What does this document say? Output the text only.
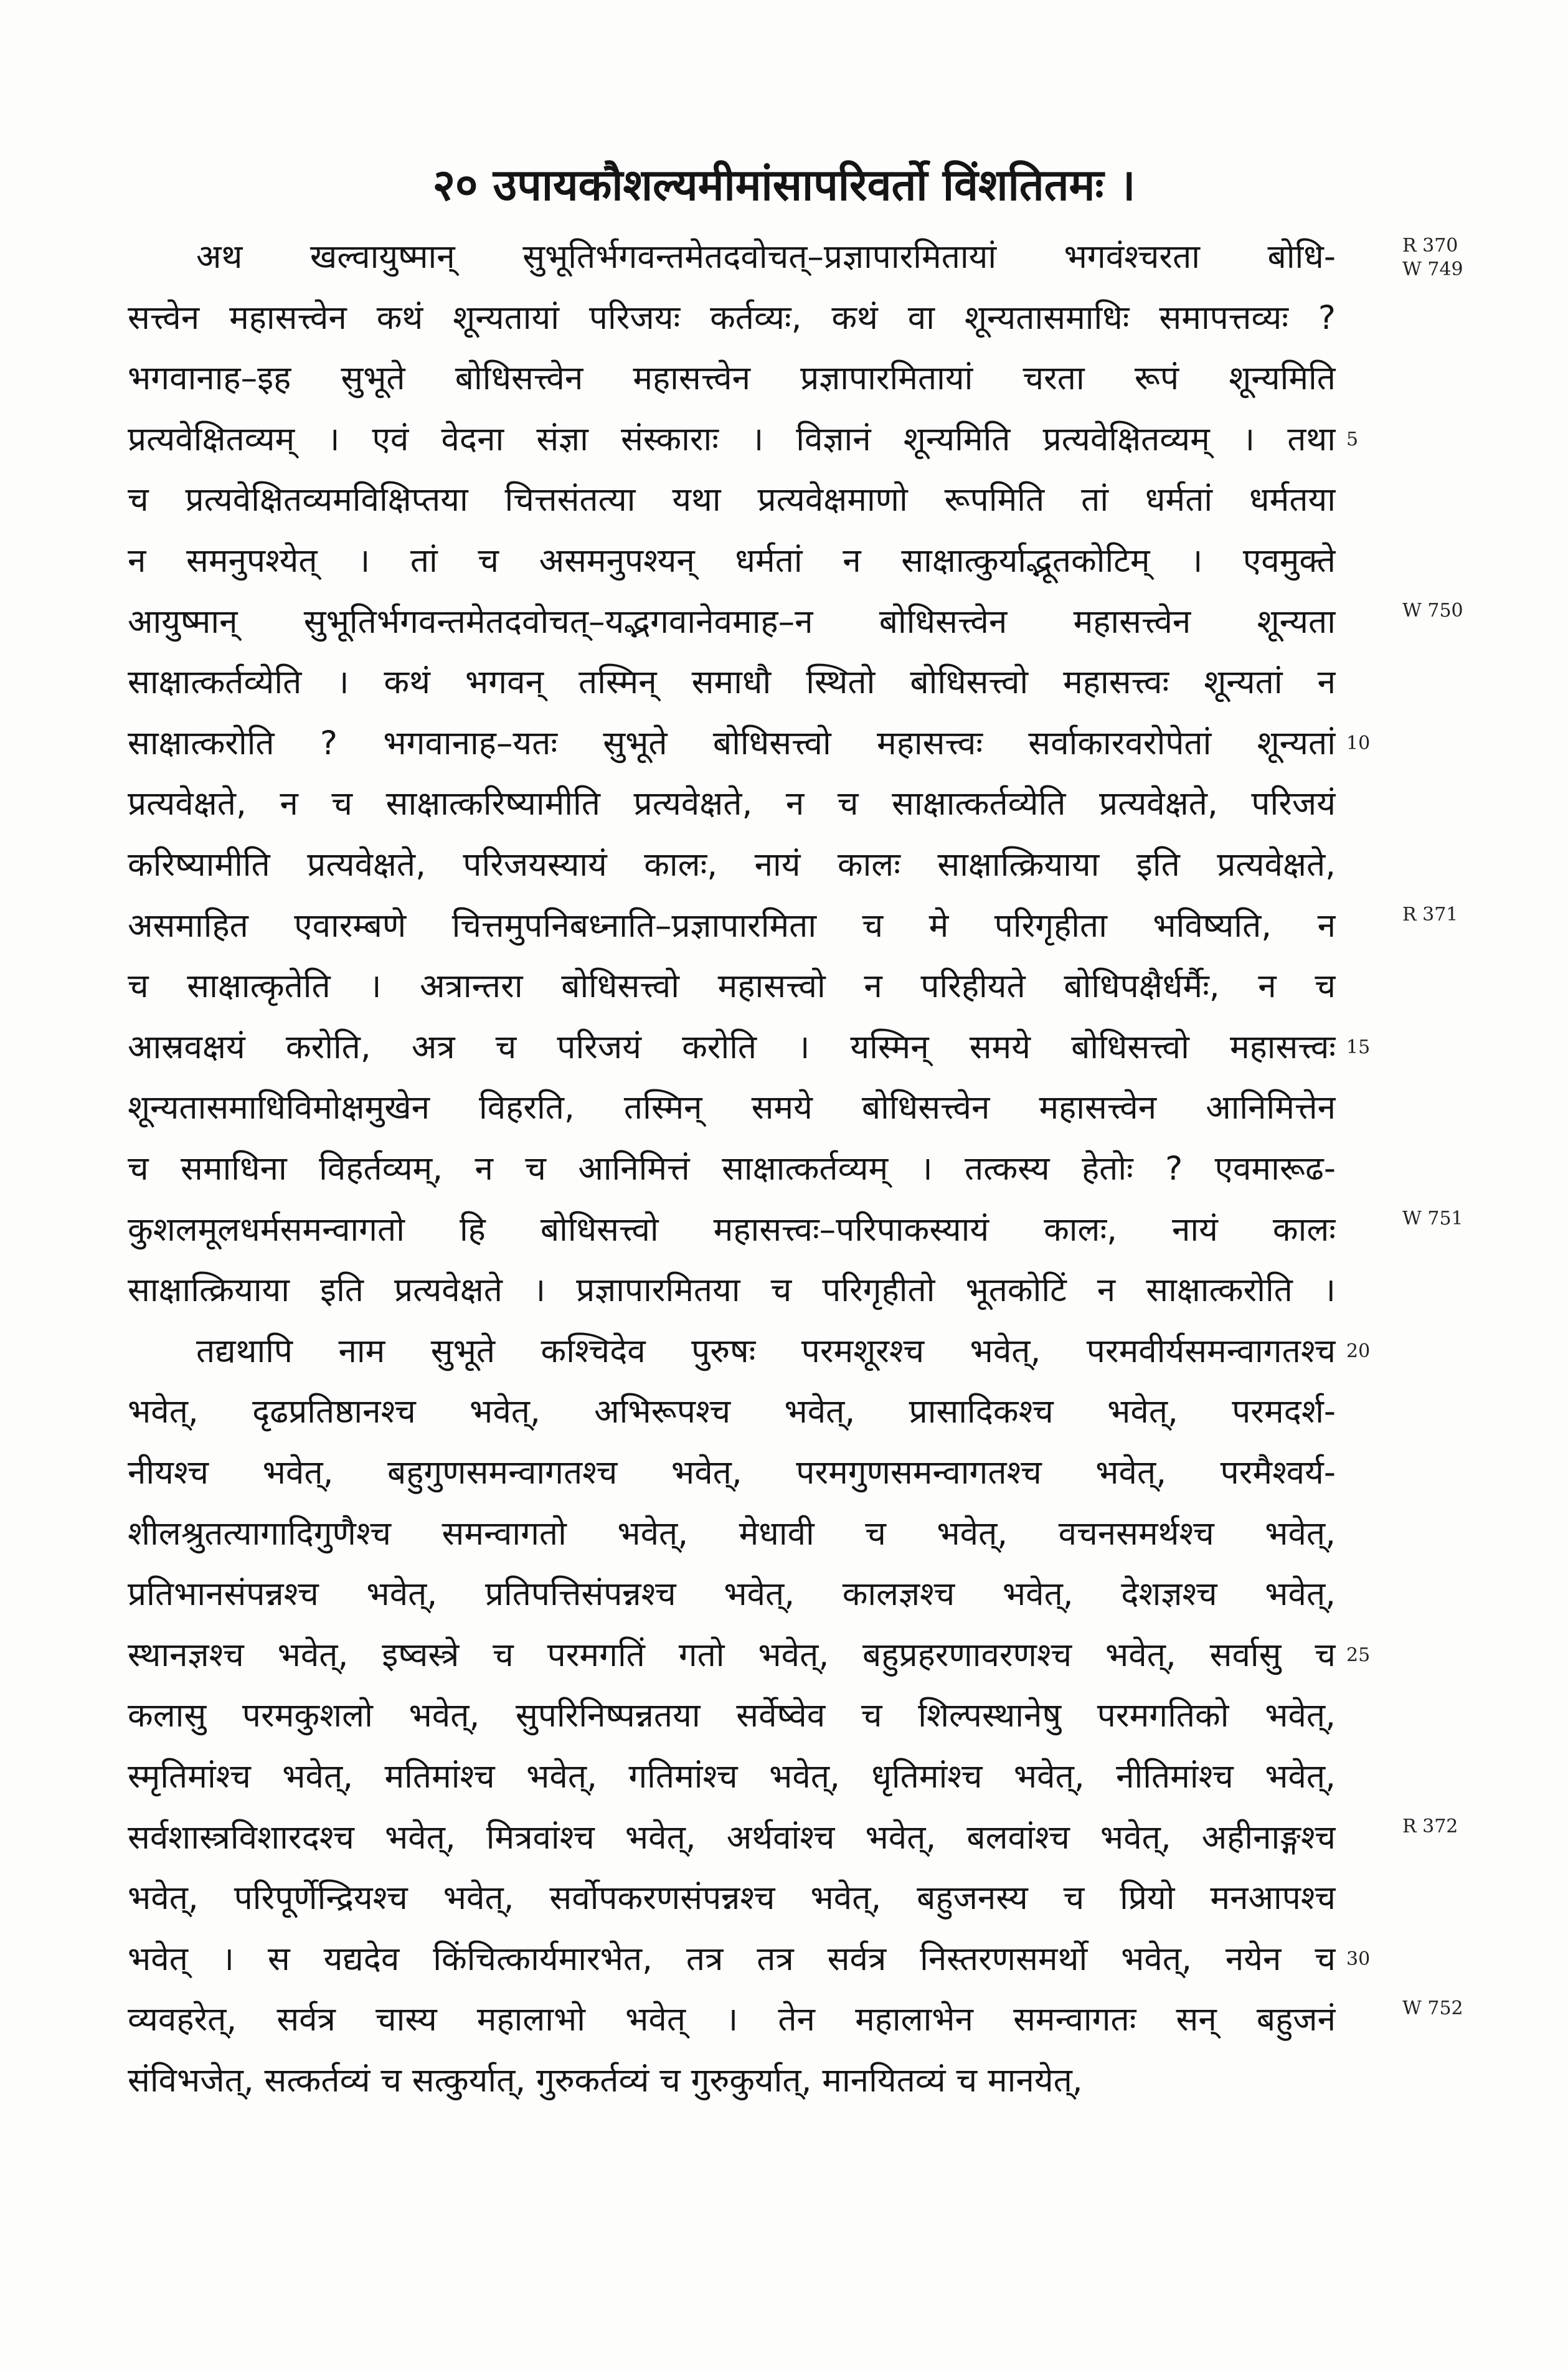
२० उपायकौशल्यमीमांसापरिवर्तो विंशतितमः ।
अथ खल्वायुष्मान् सुभूतिर्भगवन्तमेतदवोचत्–प्रज्ञापारमितायां भगवंश्चरता बोधि-
सत्त्वेन महासत्त्वेन कथं शून्यतायां परिजयः कर्तव्यः, कथं वा शून्यतासमाधिः समापत्तव्यः ?
भगवानाह–इह सुभूते बोधिसत्त्वेन महासत्त्वेन प्रज्ञापारमितायां चरता रूपं शून्यमिति
प्रत्यवेक्षितव्यम् । एवं वेदना संज्ञा संस्काराः । विज्ञानं शून्यमिति प्रत्यवेक्षितव्यम् । तथा
च प्रत्यवेक्षितव्यमविक्षिप्तया चित्तसंतत्या यथा प्रत्यवेक्षमाणो रूपमिति तां धर्मतां धर्मतया
न समनुपश्येत् । तां च असमनुपश्यन् धर्मतां न साक्षात्कुर्याद्भूतकोटिम् । एवमुक्ते
आयुष्मान् सुभूतिर्भगवन्तमेतदवोचत्–यद्भगवानेवमाह–न बोधिसत्त्वेन महासत्त्वेन शून्यता
साक्षात्कर्तव्येति । कथं भगवन् तस्मिन् समाधौ स्थितो बोधिसत्त्वो महासत्त्वः शून्यतां न
साक्षात्करोति ? भगवानाह–यतः सुभूते बोधिसत्त्वो महासत्त्वः सर्वाकारवरोपेतां शून्यतां
प्रत्यवेक्षते, न च साक्षात्करिष्यामीति प्रत्यवेक्षते, न च साक्षात्कर्तव्येति प्रत्यवेक्षते, परिजयं
करिष्यामीति प्रत्यवेक्षते, परिजयस्यायं कालः, नायं कालः साक्षात्क्रियाया इति प्रत्यवेक्षते,
असमाहित एवारम्बणे चित्तमुपनिबध्नाति–प्रज्ञापारमिता च मे परिगृहीता भविष्यति, न
च साक्षात्कृतेति । अत्रान्तरा बोधिसत्त्वो महासत्त्वो न परिहीयते बोधिपक्षैर्धर्मैः, न च
आस्रवक्षयं करोति, अत्र च परिजयं करोति । यस्मिन् समये बोधिसत्त्वो महासत्त्वः
शून्यतासमाधिविमोक्षमुखेन विहरति, तस्मिन् समये बोधिसत्त्वेन महासत्त्वेन आनिमित्तेन
च समाधिना विहर्तव्यम्, न च आनिमित्तं साक्षात्कर्तव्यम् । तत्कस्य हेतोः ? एवमारूढ-
कुशलमूलधर्मसमन्वागतो हि बोधिसत्त्वो महासत्त्वः–परिपाकस्यायं कालः, नायं कालः
साक्षात्क्रियाया इति प्रत्यवेक्षते । प्रज्ञापारमितया च परिगृहीतो भूतकोटिं न साक्षात्करोति ।
तद्यथापि नाम सुभूते कश्चिदेव पुरुषः परमशूरश्च भवेत्, परमवीर्यसमन्वागतश्च
भवेत्, दृढप्रतिष्ठानश्च भवेत्, अभिरूपश्च भवेत्, प्रासादिकश्च भवेत्, परमदर्श-
नीयश्च भवेत्, बहुगुणसमन्वागतश्च भवेत्, परमगुणसमन्वागतश्च भवेत्, परमैश्वर्य-
शीलश्रुतत्यागादिगुणैश्च समन्वागतो भवेत्, मेधावी च भवेत्, वचनसमर्थश्च भवेत्,
प्रतिभानसंपन्नश्च भवेत्, प्रतिपत्तिसंपन्नश्च भवेत्, कालज्ञश्च भवेत्, देशज्ञश्च भवेत्,
स्थानज्ञश्च भवेत्, इष्वस्त्रे च परमगतिं गतो भवेत्, बहुप्रहरणावरणश्च भवेत्, सर्वासु च
कलासु परमकुशलो भवेत्, सुपरिनिष्पन्नतया सर्वेष्वेव च शिल्पस्थानेषु परमगतिको भवेत्,
स्मृतिमांश्च भवेत्, मतिमांश्च भवेत्, गतिमांश्च भवेत्, धृतिमांश्च भवेत्, नीतिमांश्च भवेत्,
सर्वशास्त्रविशारदश्च भवेत्, मित्रवांश्च भवेत्, अर्थवांश्च भवेत्, बलवांश्च भवेत्, अहीनाङ्गश्च
भवेत्, परिपूर्णेन्द्रियश्च भवेत्, सर्वोपकरणसंपन्नश्च भवेत्, बहुजनस्य च प्रियो मनआपश्च
भवेत् । स यद्यदेव किंचित्कार्यमारभेत, तत्र तत्र सर्वत्र निस्तरणसमर्थो भवेत्, नयेन च
व्यवहरेत्, सर्वत्र चास्य महालाभो भवेत् । तेन महालाभेन समन्वागतः सन् बहुजनं
संविभजेत्, सत्कर्तव्यं च सत्कुर्यात्, गुरुकर्तव्यं च गुरुकुर्यात्, मानयितव्यं च मानयेत्,
5
10
15
20
25
30
R 370
W 749
W 750
R 371
W 751
R 372
W 752
